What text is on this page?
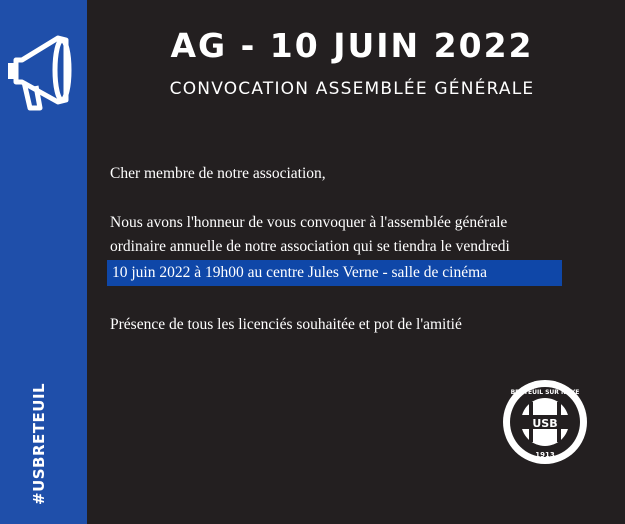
#USBRETEUIL
AG - 10 JUIN 2022
CONVOCATION ASSEMBLÉE GÉNÉRALE
Cher membre de notre association,
Nous avons l'honneur de vous convoquer à l'assemblée générale
ordinaire annuelle de notre association qui se tiendra le vendredi
10 juin 2022 à 19h00 au centre Jules Verne - salle de cinéma
Présence de tous les licenciés souhaitée et pot de l'amitié
USB
BRETEUIL SUR NOYE
1913
